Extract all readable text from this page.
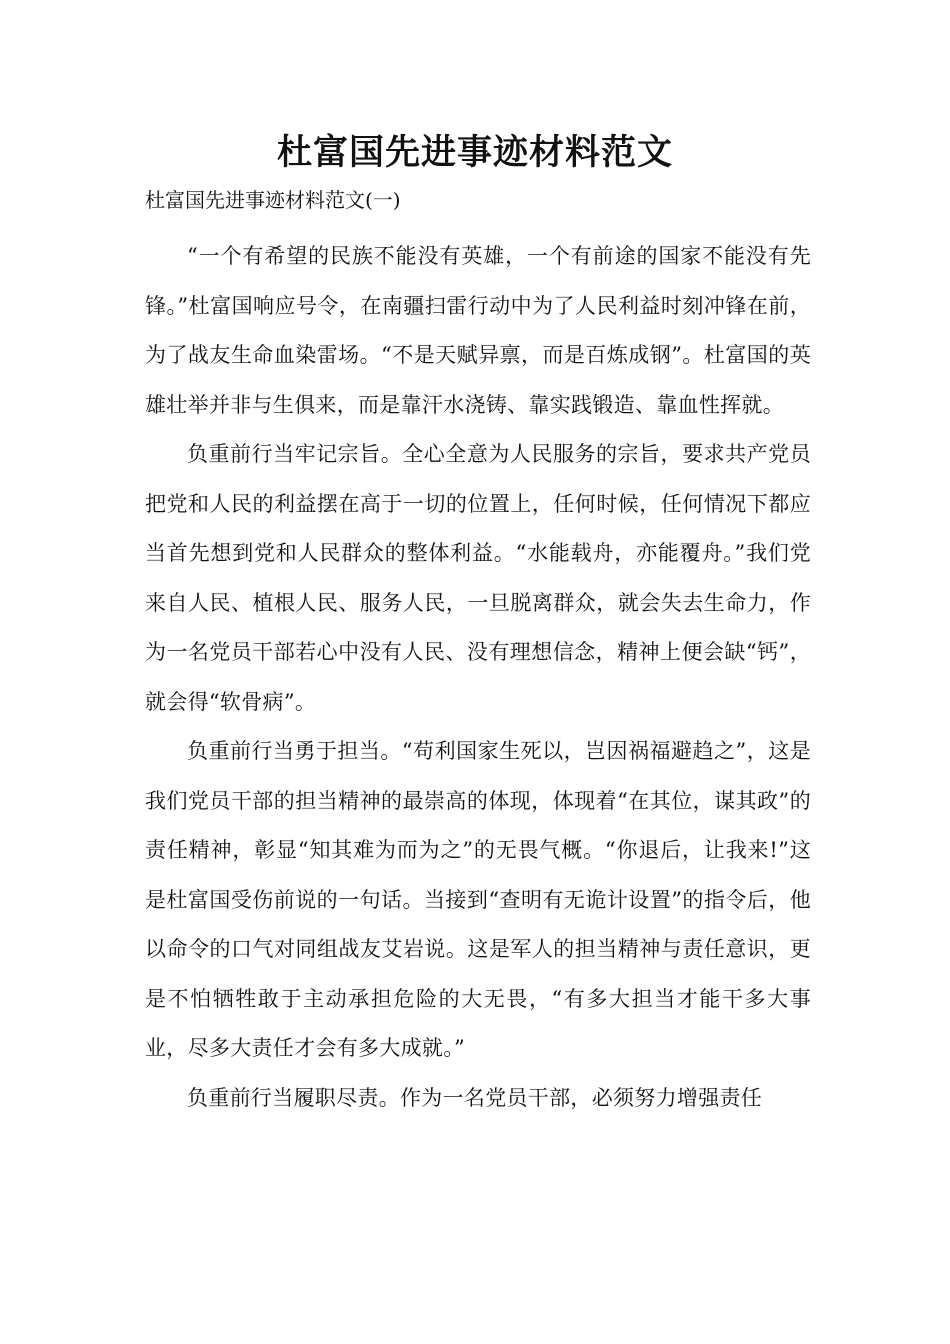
杜富国先进事迹材料范文
杜富国先进事迹材料范文(一)

“一个有希望的民族不能没有英雄，一个有前途的国家不能没有先锋。”杜富国响应号令，在南疆扫雷行动中为了人民利益时刻冲锋在前，为了战友生命血染雷场。“不是天赋异禀，而是百炼成钢”。杜富国的英雄壮举并非与生俱来，而是靠汗水浇铸、靠实践锻造、靠血性挥就。

负重前行当牢记宗旨。全心全意为人民服务的宗旨，要求共产党员把党和人民的利益摆在高于一切的位置上，任何时候，任何情况下都应当首先想到党和人民群众的整体利益。“水能载舟，亦能覆舟。”我们党来自人民、植根人民、服务人民，一旦脱离群众，就会失去生命力，作为一名党员干部若心中没有人民、没有理想信念，精神上便会缺“钙”，就会得“软骨病”。

负重前行当勇于担当。“苟利国家生死以，岂因祸福避趋之”，这是我们党员干部的担当精神的最崇高的体现，体现着“在其位，谋其政”的责任精神，彰显“知其难为而为之”的无畏气概。“你退后，让我来!”这是杜富国受伤前说的一句话。当接到“查明有无诡计设置”的指令后，他以命令的口气对同组战友艾岩说。这是军人的担当精神与责任意识，更是不怕牺牲敢于主动承担危险的大无畏，“有多大担当才能干多大事业，尽多大责任才会有多大成就。”

负重前行当履职尽责。作为一名党员干部，必须努力增强责任
